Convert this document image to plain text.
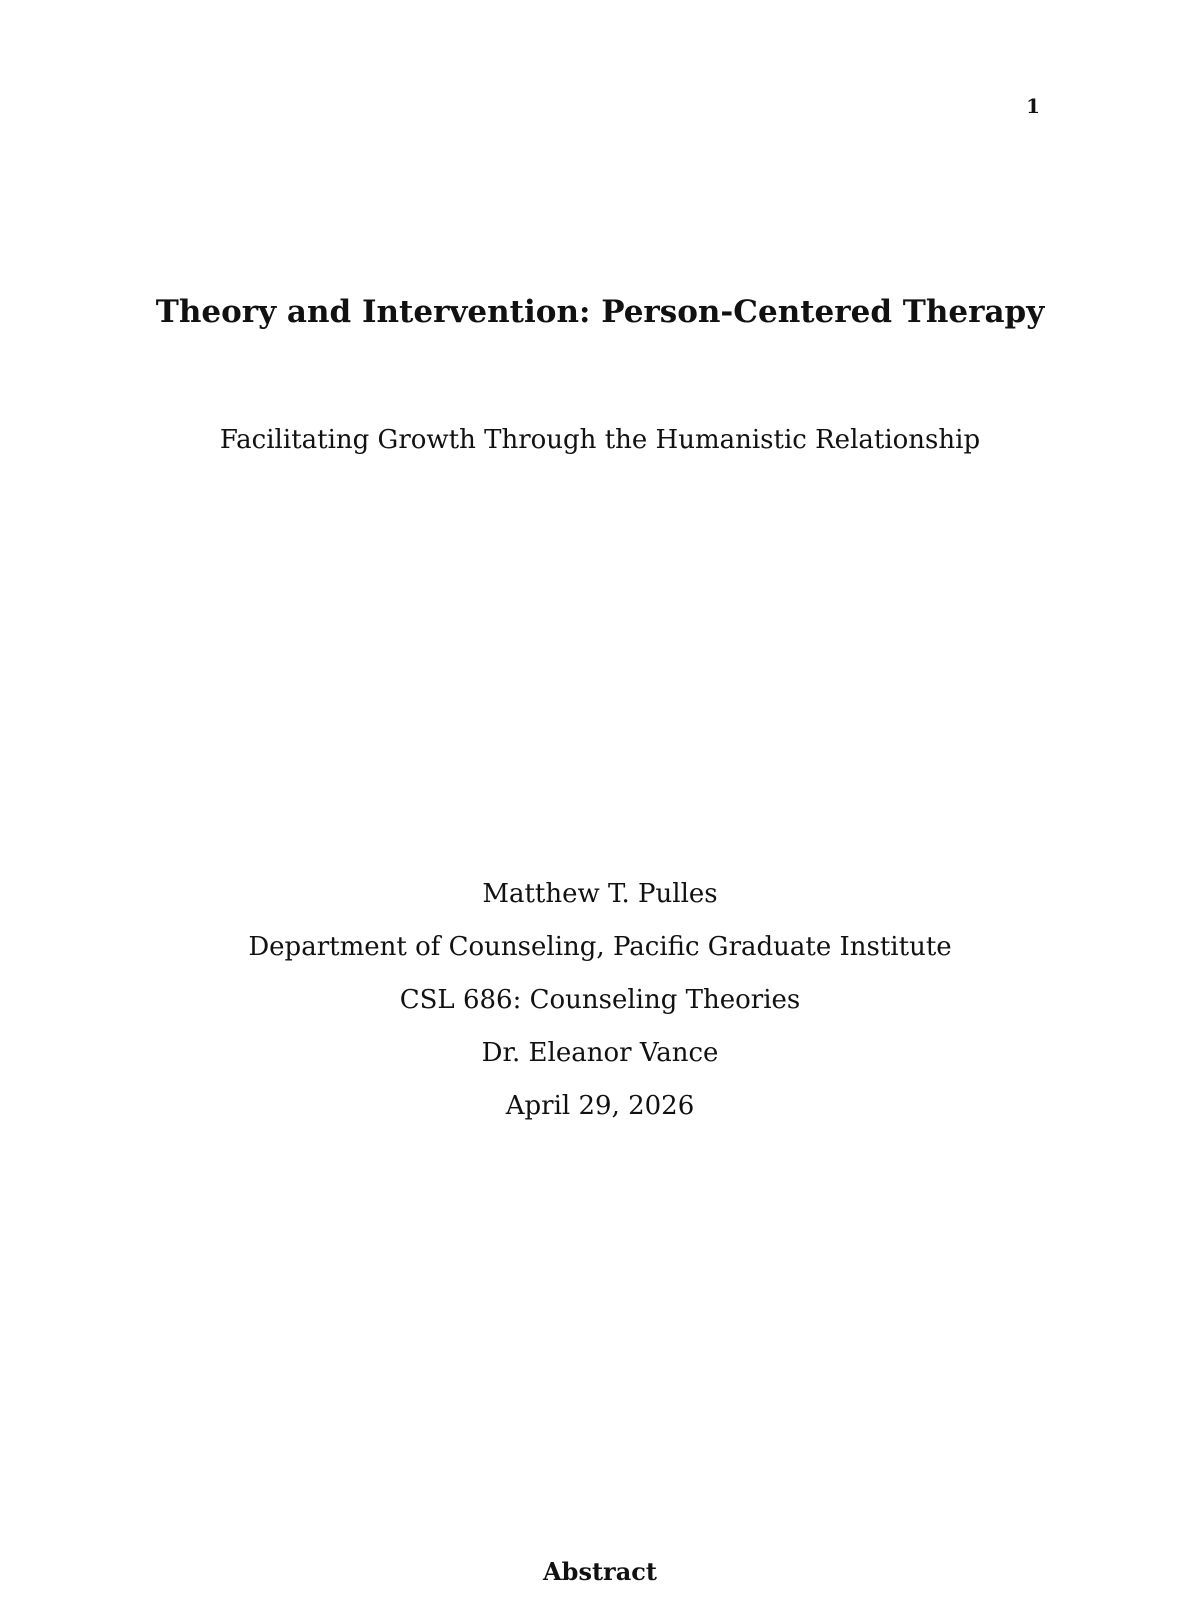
1
Theory and Intervention: Person-Centered Therapy

Facilitating Growth Through the Humanistic Relationship

Matthew T. Pulles
Department of Counseling, Pacific Graduate Institute
CSL 686: Counseling Theories
Dr. Eleanor Vance
April 29, 2026
Abstract
